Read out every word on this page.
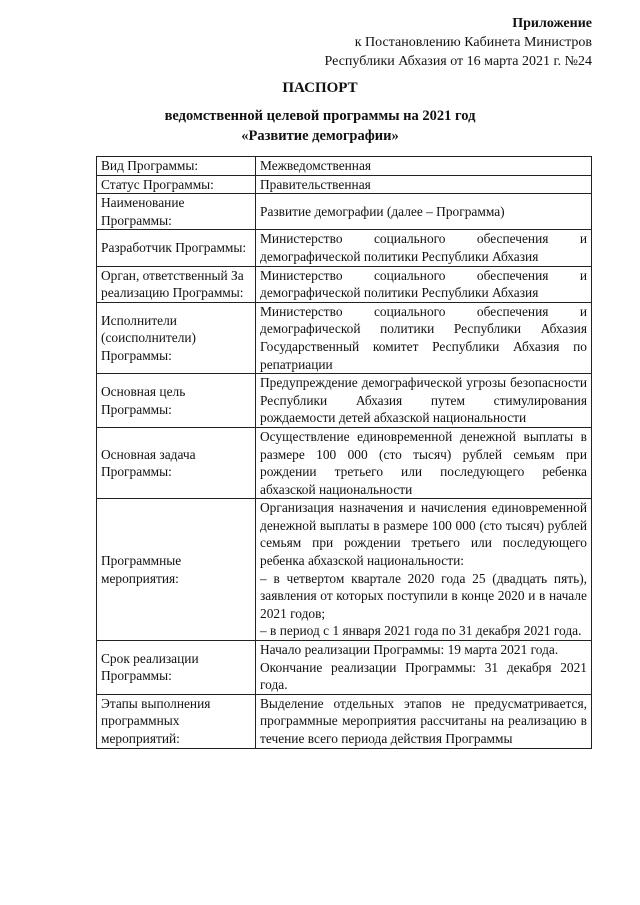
Приложение
к Постановлению Кабинета Министров
Республики Абхазия от 16 марта 2021 г. №24
ПАСПОРТ
ведомственной целевой программы на 2021 год
«Развитие демографии»
Вид Программы:	Межведомственная

Статус Программы:	Правительственная

Наименование Программы:	Развитие демографии (далее – Программа)

Разработчик Программы:	Министерство социального обеспечения и демографической политики Республики Абхазия

Орган, ответственный За реализацию Программы:	Министерство социального обеспечения и демографической политики Республики Абхазия

Исполнители (соисполнители) Программы:	Министерство социального обеспечения и демографической политики Республики Абхазия Государственный комитет Республики Абхазия по репатриации

Основная цель Программы:	Предупреждение демографической угрозы безопасности Республики Абхазия путем стимулирования рождаемости детей абхазской национальности

Основная задача Программы:	Осуществление единовременной денежной выплаты в размере 100 000 (сто тысяч) рублей семьям при рождении третьего или последующего ребенка абхазской национальности

Программные мероприятия:	Организация назначения и начисления единовременной денежной выплаты в размере 100 000 (сто тысяч) рублей семьям при рождении третьего или последующего ребенка абхазской национальности:

– в четвертом квартале 2020 года 25 (двадцать пять), заявления от которых поступили в конце 2020 и в начале 2021 годов;

– в период с 1 января 2021 года по 31 декабря 2021 года.

Срок реализации Программы:	Начало реализации Программы: 19 марта 2021 года.

Окончание реализации Программы: 31 декабря 2021 года.

Этапы выполнения программных мероприятий:	Выделение отдельных этапов не предусматривается, программные мероприятия рассчитаны на реализацию в течение всего периода действия Программы
